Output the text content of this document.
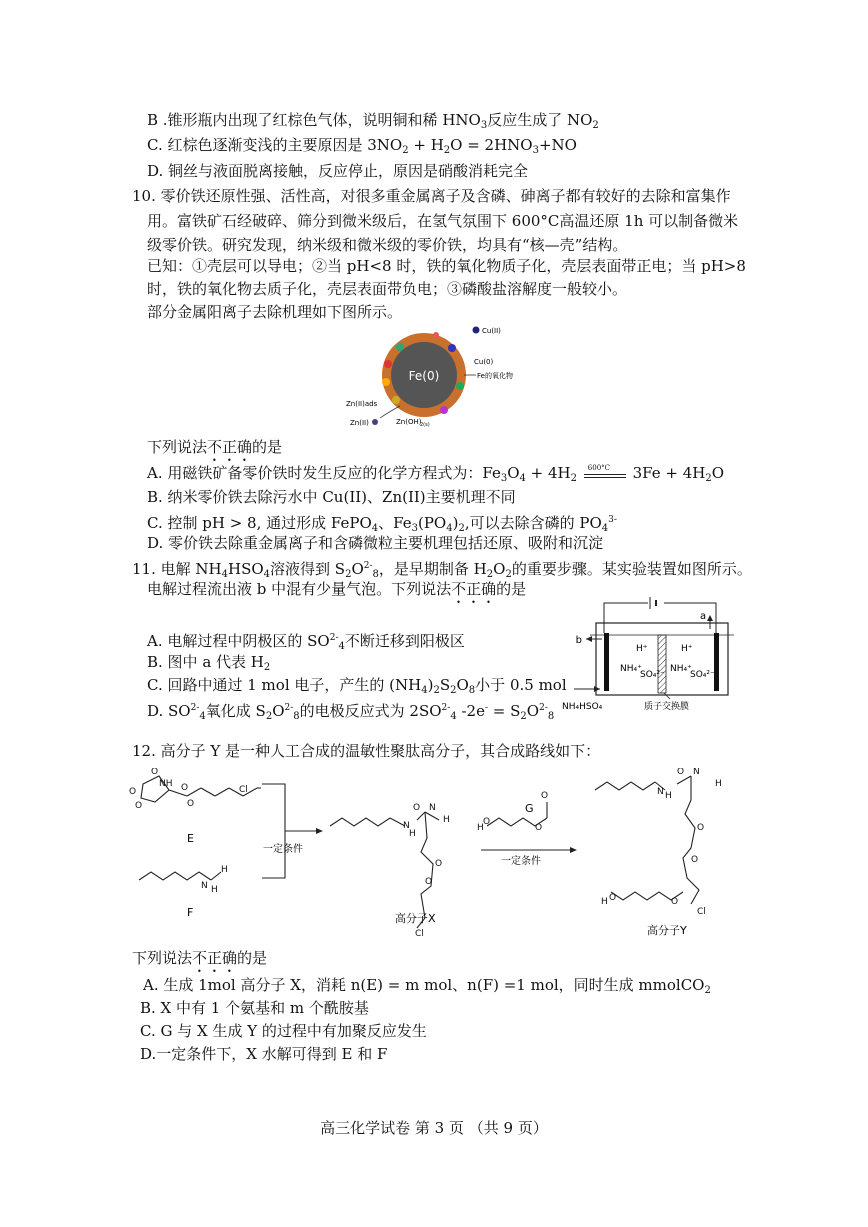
B .锥形瓶内出现了红棕色气体，说明铜和稀 $HNO_3$反应生成了 $NO_2$
C. 红棕色逐渐变浅的主要原因是 $3NO_2 + H_2O = 2HNO_3+NO$
D. 铜丝与液面脱离接触，反应停止，原因是硝酸消耗完全
10. 零价铁还原性强、活性高，对很多重金属离子及含磷、砷离子都有较好的去除和富集作
用。富铁矿石经破碎、筛分到微米级后，在氢气氛围下 600°C高温还原 1h 可以制备微米
级零价铁。研究发现，纳米级和微米级的零价铁，均具有“核—壳”结构。
已知：①壳层可以导电；②当 pH<8 时，铁的氧化物质子化，壳层表面带正电；当 pH>8
时，铁的氧化物去质子化，壳层表面带负电；③磷酸盐溶解度一般较小。
部分金属阳离子去除机理如下图所示。
Fe(0)
Cu(II)
Cu(0)
Fe的氧化物
Zn(II)ads
Zn(II)	Zn(OH)
2(s)
下列说法不正确的是
A. 用磁铁矿备零价铁时发生反应的化学方程式为：$Fe_3O_4 + 4H_2$
600°C $3Fe + 4H_2O$
B. 纳米零价铁去除污水中 Cu(II)、Zn(II)主要机理不同
C. 控制 pH > 8, 通过形成 FePO$_4$、$Fe_3(PO_4)_2$,可以去除含磷的 $PO_4^{3-}$
D. 零价铁去除重金属离子和含磷微粒主要机理包括还原、吸附和沉淀
11. 电解 $NH_4HSO_4$溶液得到 $S_2O^{2-}_8$，是早期制备 $H_2O_2$的重要步骤。某实验装置如图所示。
电解过程流出液 b 中混有少量气泡。下列说法不正确的是
A. 电解过程中阴极区的 $SO^{2-}_4$不断迁移到阳极区
B. 图中 a 代表 $H_2$
C. 回路中通过 1 mol 电子，产生的 $(NH_4)_2S_2O_8$小于 0.5 mol
D. $SO^{2-}_4$氧化成 $S_2O^{2-}_8$的电极反应式为 $2SO^{2-}_4$ $-2e^- = S_2O^{2-}_8$
b
a
H⁺	H⁺
NH₄⁺
SO₄²⁻
NH₄⁺
SO₄²⁻
NH₄HSO₄	质子交换膜
12. 高分子 Y 是一种人工合成的温敏性聚肽高分子，其合成路线如下：
O
O
NH
O
O	Cl
O
H
N H
N
H
N
H
O
O
O
Cl
H
O
O
O	N H
N
H
O
O
O
H O	O
Cl
E
F
一定条件
G
一定条件
高分子X
高分子Y
下列说法不正确的是
A. 生成 1mol 高分子 X，消耗 n(E) = m mol、n(F) =1 mol，同时生成 mmolCO$_2$
B. X 中有 1 个氨基和 m 个酰胺基
C. G 与 X 生成 Y 的过程中有加聚反应发生
D.一定条件下，X 水解可得到 E 和 F
高三化学试卷 第 3 页 （共 9 页）
